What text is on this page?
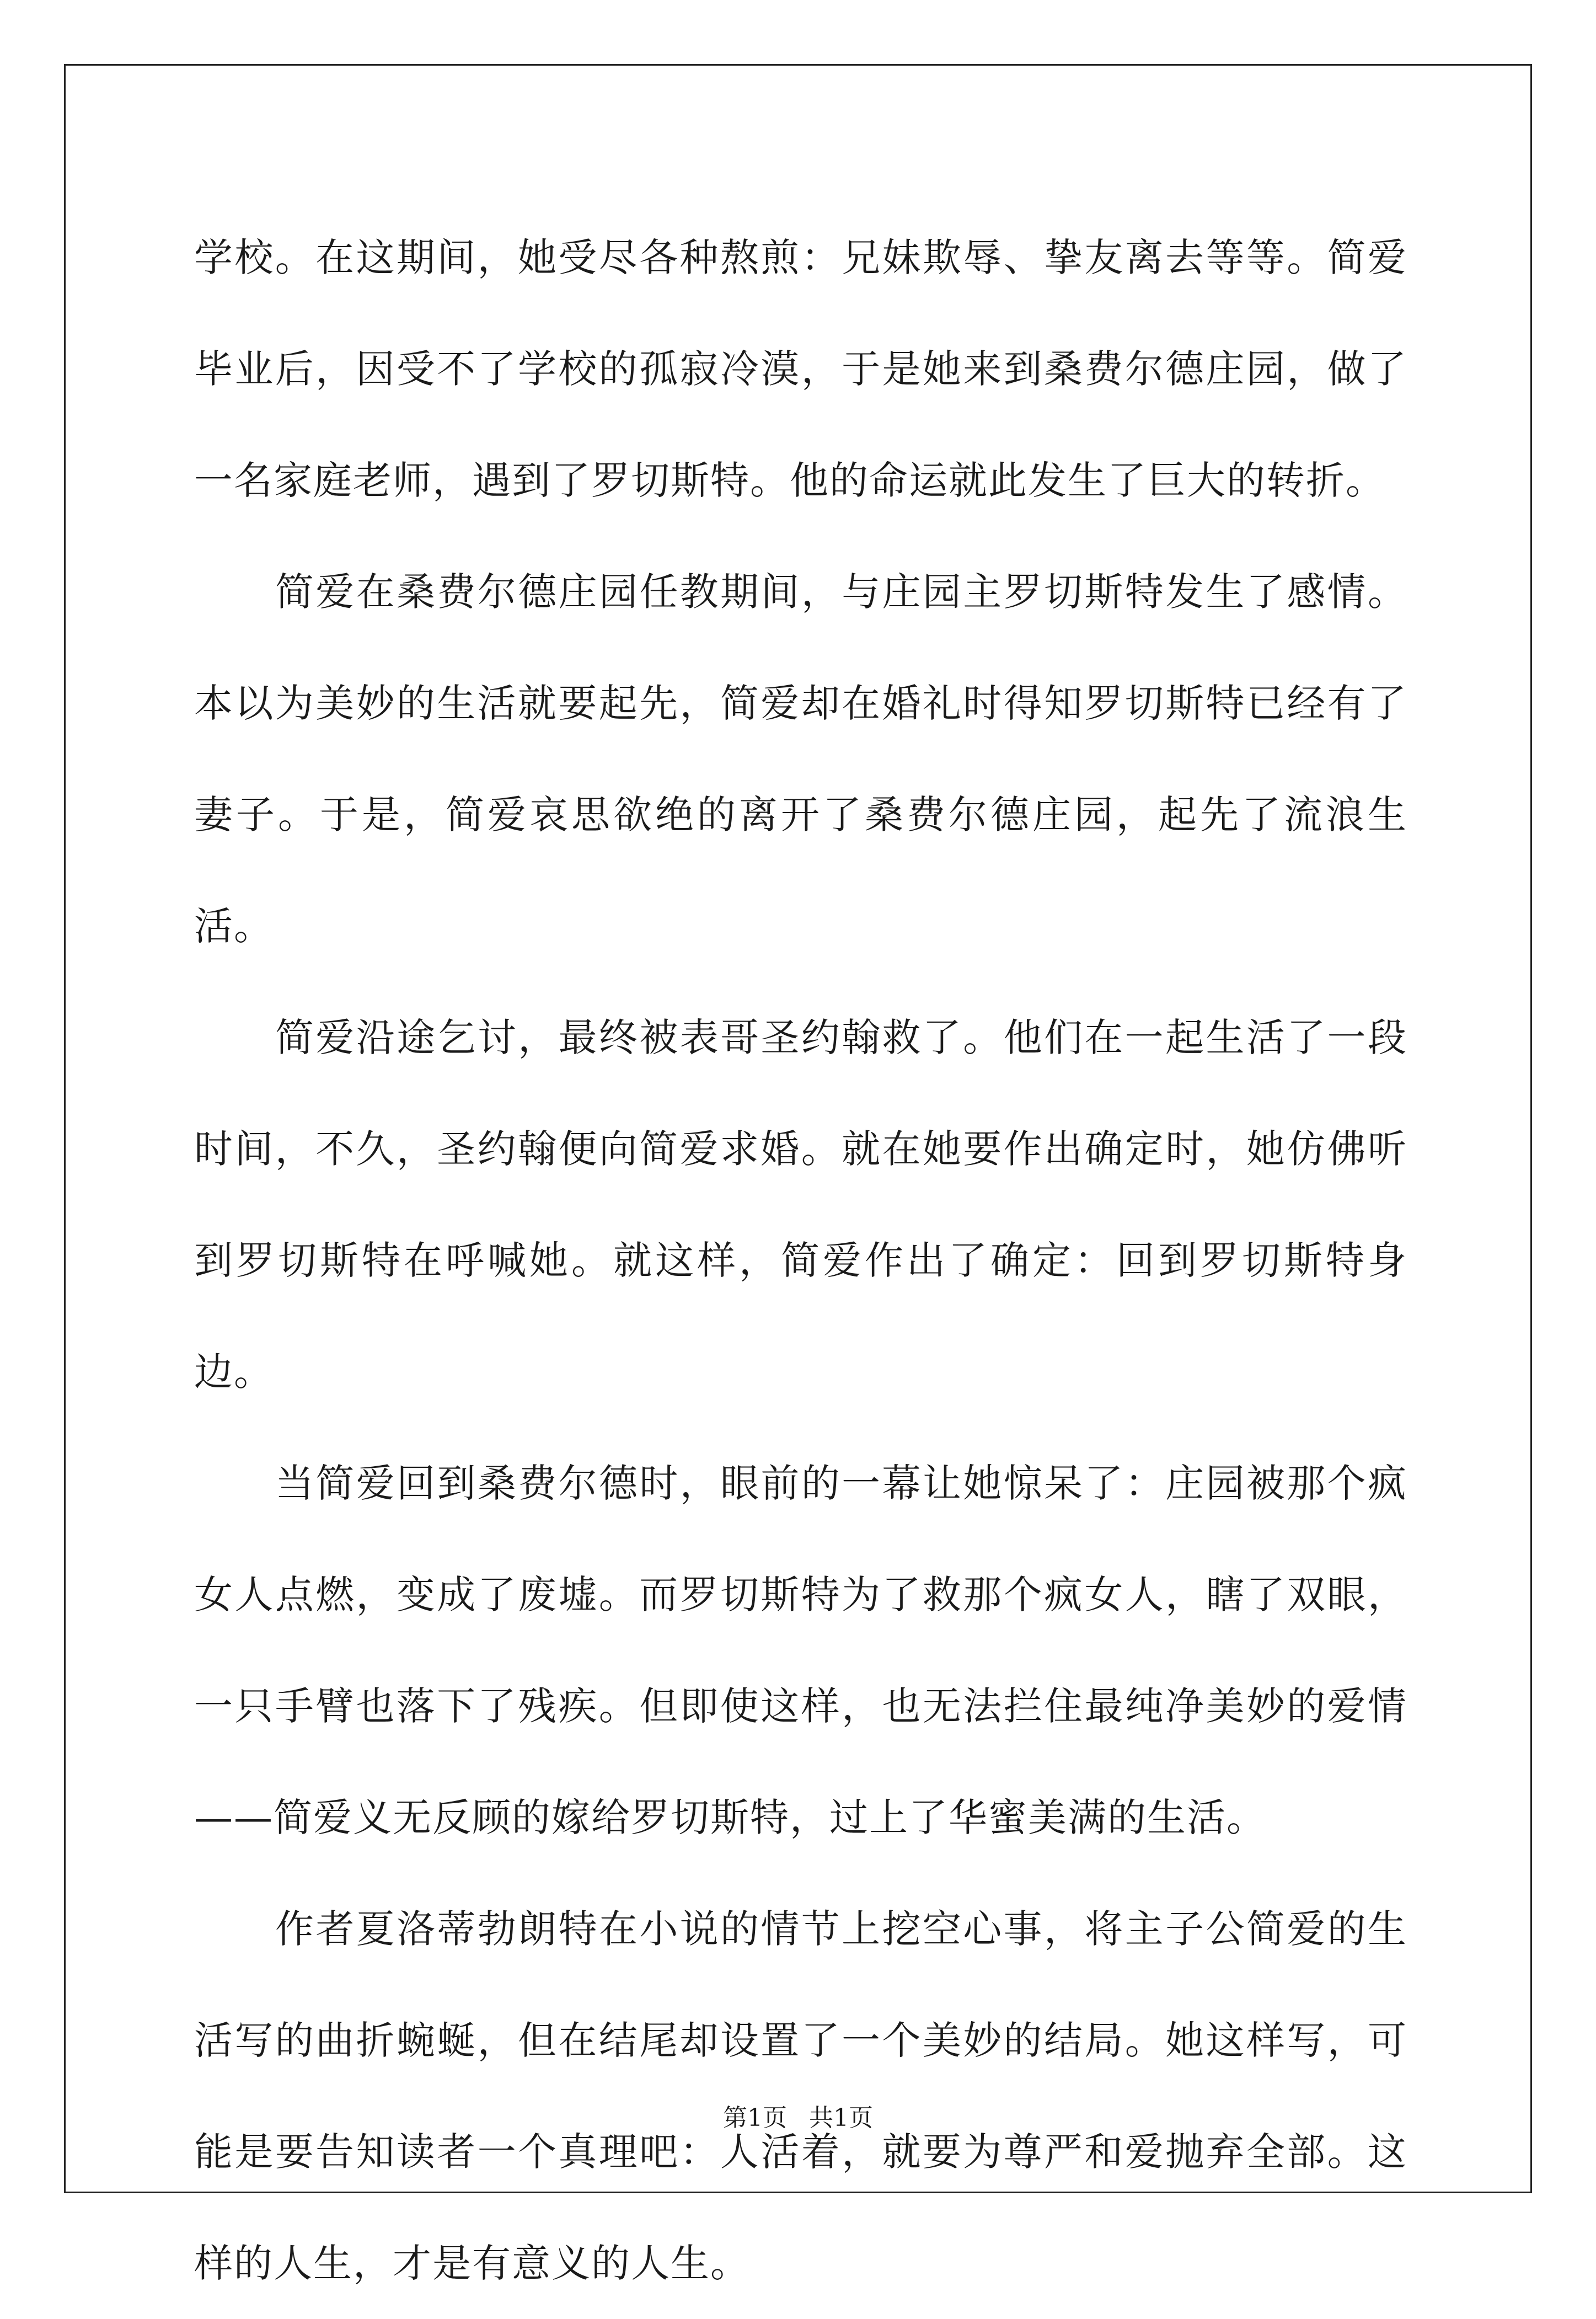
学校。在这期间，她受尽各种熬煎：兄妹欺辱、挚友离去等等。简爱毕业后，因受不了学校的孤寂冷漠，于是她来到桑费尔德庄园，做了一名家庭老师，遇到了罗切斯特。他的命运就此发生了巨大的转折。

简爱在桑费尔德庄园任教期间，与庄园主罗切斯特发生了感情。本以为美妙的生活就要起先，简爱却在婚礼时得知罗切斯特已经有了妻子。于是，简爱哀思欲绝的离开了桑费尔德庄园，起先了流浪生活。

简爱沿途乞讨，最终被表哥圣约翰救了。他们在一起生活了一段时间，不久，圣约翰便向简爱求婚。就在她要作出确定时，她仿佛听到罗切斯特在呼喊她。就这样，简爱作出了确定：回到罗切斯特身边。

当简爱回到桑费尔德时，眼前的一幕让她惊呆了：庄园被那个疯女人点燃，变成了废墟。而罗切斯特为了救那个疯女人，瞎了双眼，一只手臂也落下了残疾。但即使这样，也无法拦住最纯净美妙的爱情——简爱义无反顾的嫁给罗切斯特，过上了华蜜美满的生活。

作者夏洛蒂勃朗特在小说的情节上挖空心事，将主子公简爱的生活写的曲折蜿蜒，但在结尾却设置了一个美妙的结局。她这样写，可能是要告知读者一个真理吧：人活着，就要为尊严和爱抛弃全部。这样的人生，才是有意义的人生。

第1页 共1页
